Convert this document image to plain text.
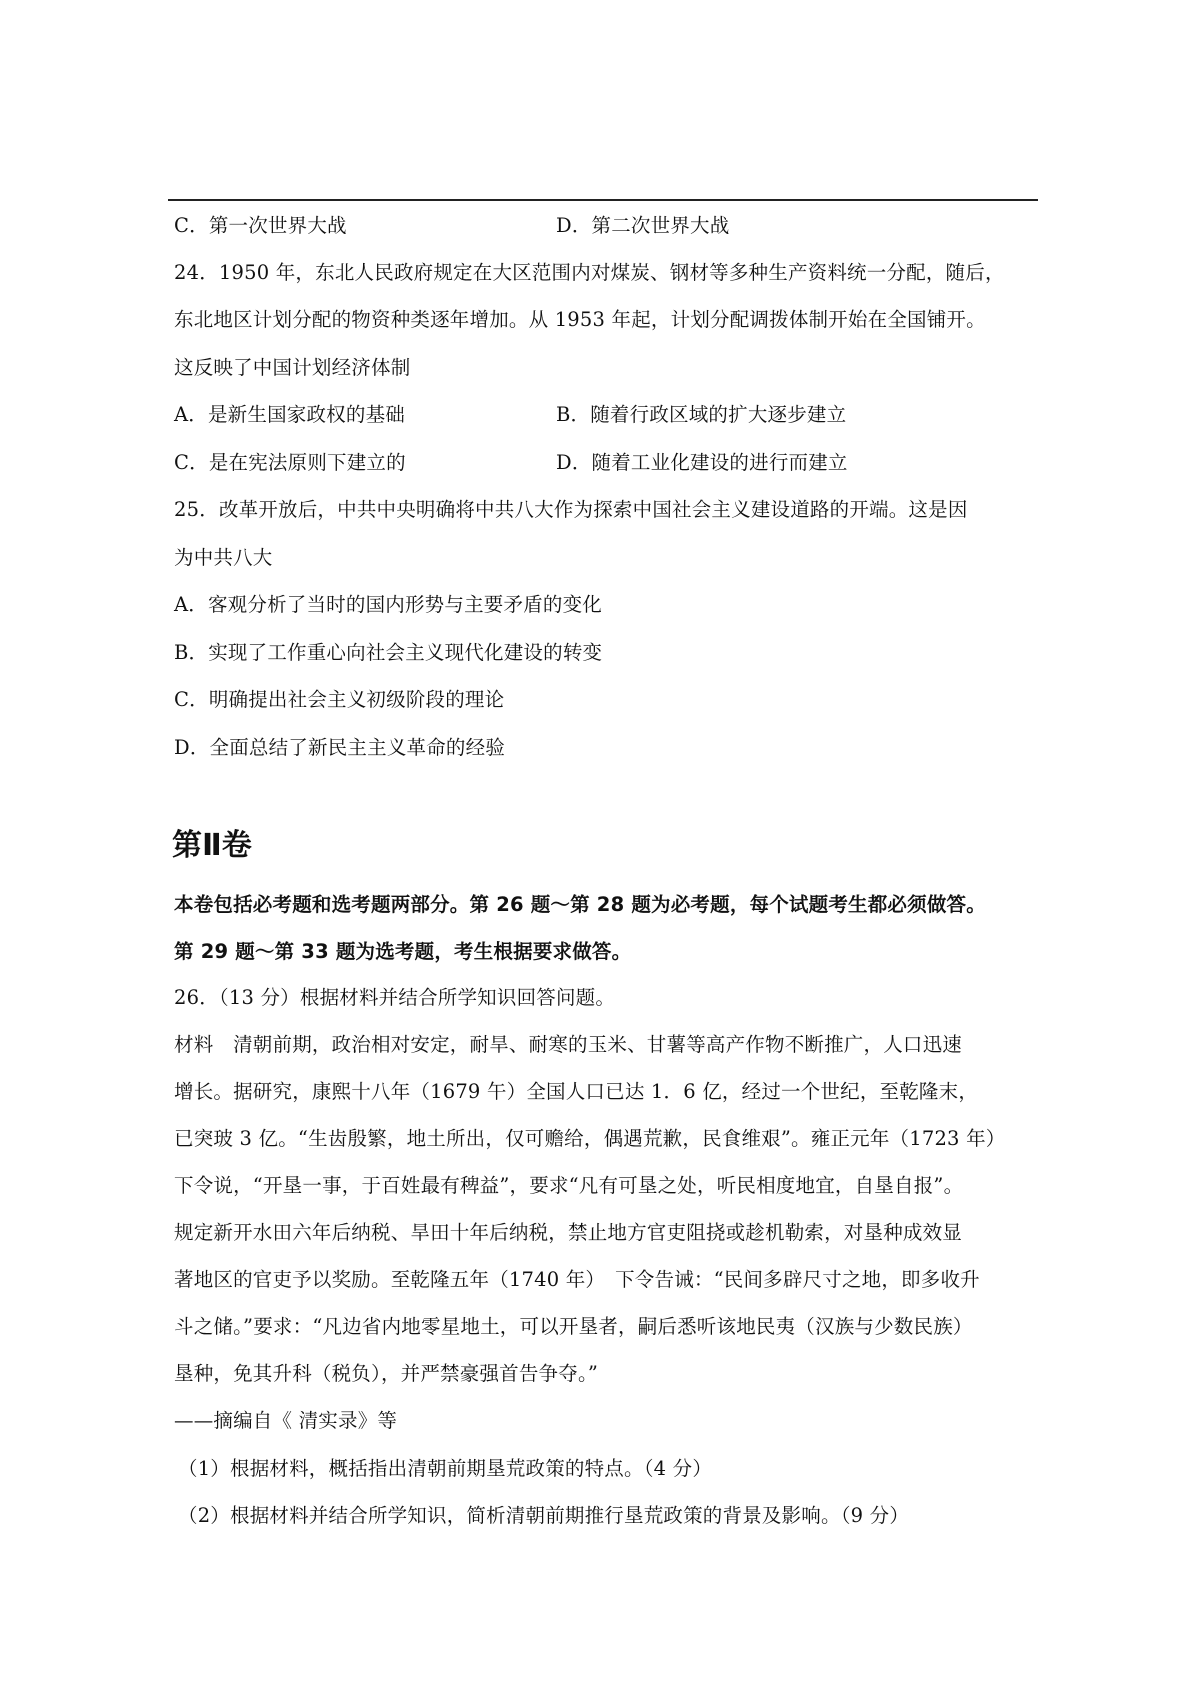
C．第一次世界大战	D．第二次世界大战
24．1950 年，东北人民政府规定在大区范围内对煤炭、钢材等多种生产资料统一分配，随后，
东北地区计划分配的物资种类逐年增加。从 1953 年起，计划分配调拨体制开始在全国铺开。
这反映了中国计划经济体制
A．是新生国家政权的基础	B．随着行政区域的扩大逐步建立
C．是在宪法原则下建立的	D．随着工业化建设的进行而建立
25．改革开放后，中共中央明确将中共八大作为探索中国社会主义建设道路的开端。这是因
为中共八大
A．客观分析了当时的国内形势与主要矛盾的变化
B．实现了工作重心向社会主义现代化建设的转变
C．明确提出社会主义初级阶段的理论
D．全面总结了新民主主义革命的经验
第Ⅱ卷
本卷包括必考题和选考题两部分。第 26 题～第 28 题为必考题，每个试题考生都必须做答。
第 29 题～第 33 题为选考题，考生根据要求做答。
26．（13 分）根据材料并结合所学知识回答问题。
材料　清朝前期，政治相对安定，耐旱、耐寒的玉米、甘薯等高产作物不断推广，人口迅速
增长。据研究，康熙十八年（1679 午）全国人口已达 1．6 亿，经过一个世纪，至乾隆末，
已突玻 3 亿。“生齿殷繁，地土所出，仅可赡给，偶遇荒歉，民食维艰”。雍正元年（1723 年）
下令说，“开垦一事，于百姓最有稗益”，要求“凡有可垦之处，听民相度地宜，自垦自报”。
规定新开水田六年后纳税、旱田十年后纳税，禁止地方官吏阻挠或趁机勒索，对垦种成效显
著地区的官吏予以奖励。至乾隆五年（1740 年）　下令告诫：“民间多辟尺寸之地，即多收升
斗之储。”要求：“凡边省内地零星地土，可以开垦者，嗣后悉听该地民夷（汉族与少数民族）
垦种，免其升科（税负），并严禁豪强首告争夺。”
——摘编自《 清实录》等
（1）根据材料，概括指出清朝前期垦荒政策的特点。（4 分）
（2）根据材料并结合所学知识，简析清朝前期推行垦荒政策的背景及影响。（9 分）
